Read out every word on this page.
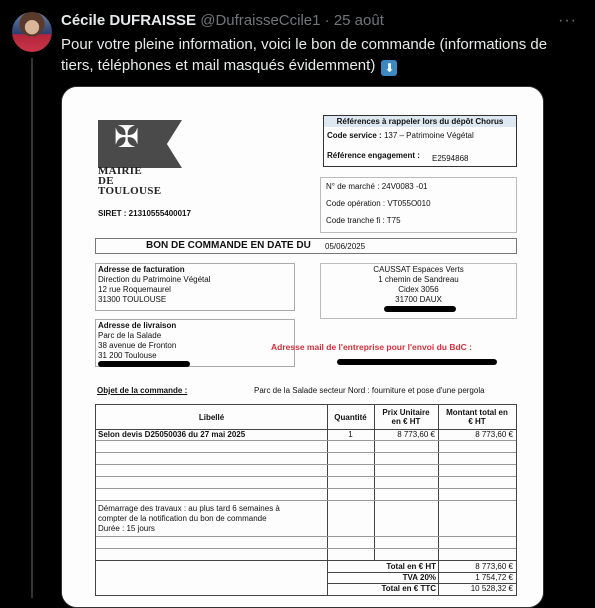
Cécile DUFRAISSE @DufraisseCcile1 · 25 août	···
Pour votre pleine information, voici le bon de commande (informations de tiers, téléphones et mail masqués évidemment) ⬇
✠
MAIRIE
DE
TOULOUSE
SIRET : 21310555400017
Références à rappeler lors du dépôt Chorus
Code service : 137 – Patrimoine Végétal
Référence engagement : E2594868
N° de marché : 24V0083 -01
Code opération : VT055O010
Code tranche fi : T75
BON DE COMMANDE EN DATE DU 05/06/2025
Adresse de facturation
Direction du Patrimoine Végétal
12 rue Roquemaurel
31300 TOULOUSE
CAUSSAT Espaces Verts
1 chemin de Sandreau
Cidex 3056
31700 DAUX
Adresse de livraison
Parc de la Salade
38 avenue de Fronton
31 200 Toulouse
Adresse mail de l'entreprise pour l'envoi du BdC :
Objet de la commande :	Parc de la Salade secteur Nord : fourniture et pose d'une pergola
Libellé	Quantité	Prix Unitaire
en € HT
Montant total en
€ HT
Selon devis D25050036 du 27 mai 2025	1	8 773,60 €	8 773,60 €
Démarrage des travaux : au plus tard 6 semaines à
compter de la notification du bon de commande
Durée : 15 jours
Total en € HT	8 773,60 €
TVA 20%	1 754,72 €
Total en € TTC	10 528,32 €
